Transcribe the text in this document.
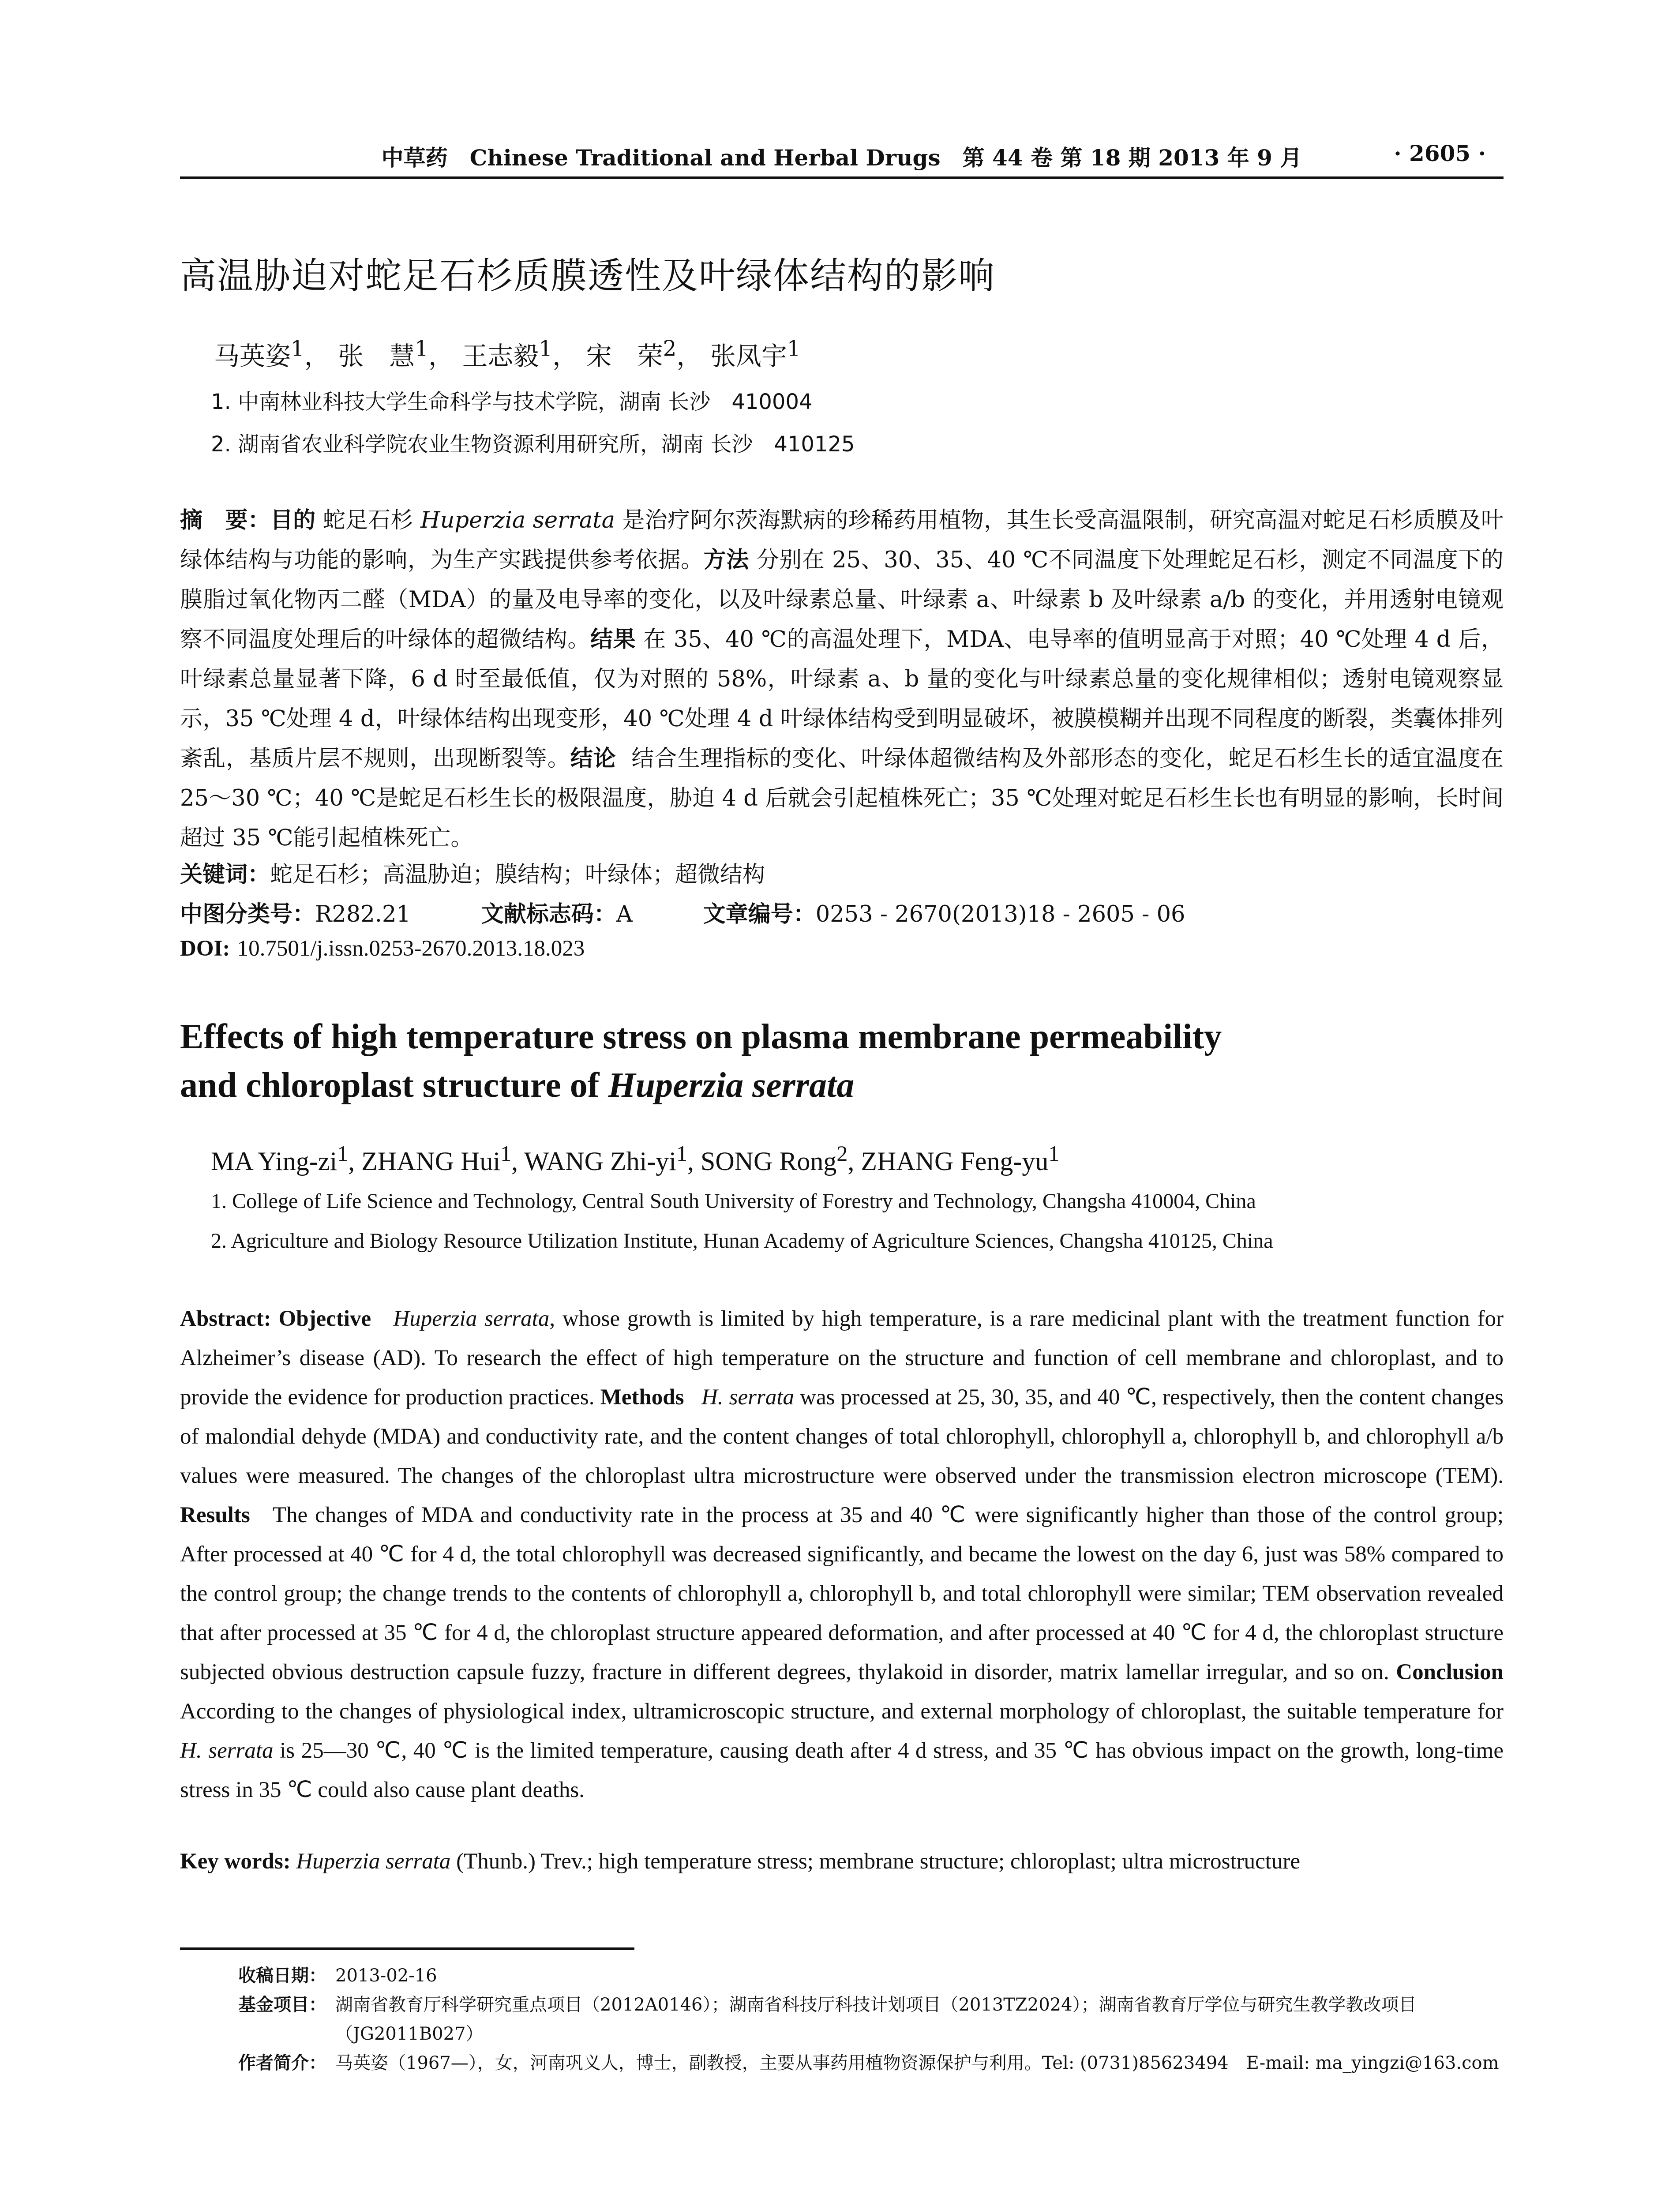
中草药 Chinese Traditional and Herbal Drugs　第 44 卷 第 18 期 2013 年 9 月	· 2605 ·
高温胁迫对蛇足石杉质膜透性及叶绿体结构的影响
马英姿$^1$， 张　慧$^1$， 王志毅$^1$， 宋　荣$^2$， 张凤宇$^1$
1. 中南林业科技大学生命科学与技术学院，湖南 长沙　410004
2. 湖南省农业科学院农业生物资源利用研究所，湖南 长沙　410125
摘　要：目的 蛇足石杉 Huperzia serrata 是治疗阿尔茨海默病的珍稀药用植物，其生长受高温限制，研究高温对蛇足石杉质膜及叶绿体结构与功能的影响，为生产实践提供参考依据。方法 分别在 25、30、35、40 ℃不同温度下处理蛇足石杉，测定不同温度下的膜脂过氧化物丙二醛（MDA）的量及电导率的变化，以及叶绿素总量、叶绿素 a、叶绿素 b 及叶绿素 a/b 的变化，并用透射电镜观察不同温度处理后的叶绿体的超微结构。结果 在 35、40 ℃的高温处理下，MDA、电导率的值明显高于对照；40 ℃处理 4 d 后，叶绿素总量显著下降，6 d 时至最低值，仅为对照的 58%，叶绿素 a、b 量的变化与叶绿素总量的变化规律相似；透射电镜观察显示，35 ℃处理 4 d，叶绿体结构出现变形，40 ℃处理 4 d 叶绿体结构受到明显破坏，被膜模糊并出现不同程度的断裂，类囊体排列紊乱，基质片层不规则，出现断裂等。结论 结合生理指标的变化、叶绿体超微结构及外部形态的变化，蛇足石杉生长的适宜温度在 25～30 ℃；40 ℃是蛇足石杉生长的极限温度，胁迫 4 d 后就会引起植株死亡；35 ℃处理对蛇足石杉生长也有明显的影响，长时间超过 35 ℃能引起植株死亡。
关键词：蛇足石杉；高温胁迫；膜结构；叶绿体；超微结构
中图分类号：R282.21	文献标志码：A	文章编号：0253 - 2670(2013)18 - 2605 - 06
DOI: 10.7501/j.issn.0253-2670.2013.18.023
Effects of high temperature stress on plasma membrane permeability
and chloroplast structure of Huperzia serrata
MA Ying-$zi^1$, ZHANG Hui$^1$, WANG Zhi-$yi^1$, SONG Rong$^2$, ZHANG Feng-$yu^1$
1. College of Life Science and Technology, Central South University of Forestry and Technology, Changsha 410004, China
2. Agriculture and Biology Resource Utilization Institute, Hunan Academy of Agriculture Sciences, Changsha 410125, China
Abstract: Objective Huperzia serrata, whose growth is limited by high temperature, is a rare medicinal plant with the treatment function for Alzheimer’s disease (AD). To research the effect of high temperature on the structure and function of cell membrane and chloroplast, and to provide the evidence for production practices. Methods H. serrata was processed at 25, 30, 35, and 40 ℃, respectively, then the content changes of malondial dehyde (MDA) and conductivity rate, and the content changes of total chlorophyll, chlorophyll a, chlorophyll b, and chlorophyll a/b values were measured. The changes of the chloroplast ultra microstructure were observed under the transmission electron microscope (TEM). Results The changes of MDA and conductivity rate in the process at 35 and 40 ℃ were significantly higher than those of the control group; After processed at 40 ℃ for 4 d, the total chlorophyll was decreased significantly, and became the lowest on the day 6, just was 58% compared to the control group; the change trends to the contents of chlorophyll a, chlorophyll b, and total chlorophyll were similar; TEM observation revealed that after processed at 35 ℃ for 4 d, the chloroplast structure appeared deformation, and after processed at 40 ℃ for 4 d, the chloroplast structure subjected obvious destruction capsule fuzzy, fracture in different degrees, thylakoid in disorder, matrix lamellar irregular, and so on. Conclusion According to the changes of physiological index, ultramicroscopic structure, and external morphology of chloroplast, the suitable temperature for H. serrata is 25—30 ℃, 40 ℃ is the limited temperature, causing death after 4 d stress, and 35 ℃ has obvious impact on the growth, long-time stress in 35 ℃ could also cause plant deaths.
Key words: Huperzia serrata (Thunb.) Trev.; high temperature stress; membrane structure; chloroplast; ultra microstructure
收稿日期： 2013-02-16
基金项目： 湖南省教育厅科学研究重点项目（2012A0146）；湖南省科技厅科技计划项目（2013TZ2024）；湖南省教育厅学位与研究生教学教改项目（JG2011B027）
作者简介： 马英姿（1967—），女，河南巩义人，博士，副教授，主要从事药用植物资源保护与利用。Tel: (0731)85623494　E-mail: ma_yingzi@163.com
